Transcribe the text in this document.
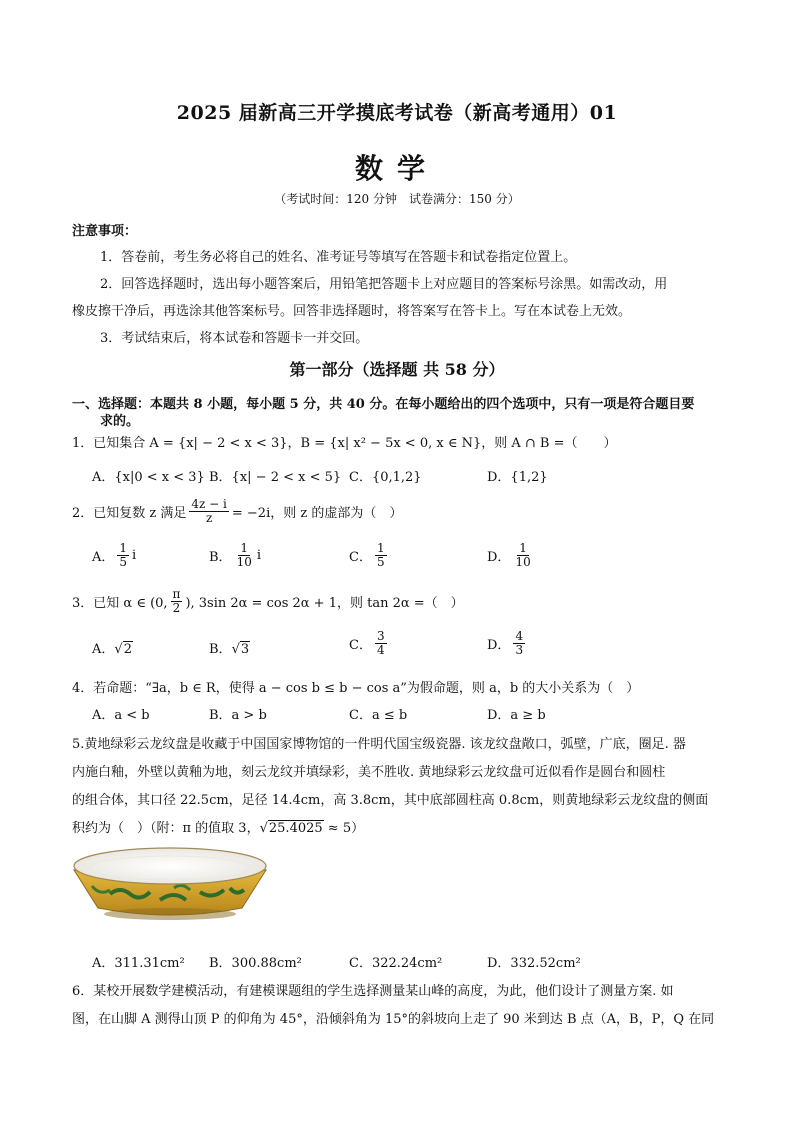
2025 届新高三开学摸底考试卷（新高考通用）01
数学
（考试时间：120 分钟　试卷满分：150 分）
注意事项：
1．答卷前，考生务必将自己的姓名、准考证号等填写在答题卡和试卷指定位置上。
2．回答选择题时，选出每小题答案后，用铅笔把答题卡上对应题目的答案标号涂黑。如需改动，用
橡皮擦干净后，再选涂其他答案标号。回答非选择题时，将答案写在答卡上。写在本试卷上无效。
3．考试结束后，将本试卷和答题卡一并交回。
第一部分（选择题 共 58 分）
一、选择题：本题共 8 小题，每小题 5 分，共 40 分。在每小题给出的四个选项中，只有一项是符合题目要
求的。
1．已知集合 A = {x| − 2 < x < 3}，B = {x| x² − 5x < 0, x ∈ N}，则 A ∩ B =（　　）
A．{x|0 < x < 3} B．{x| − 2 < x < 5} C．{0,1,2}	D．{1,2}
2．已知复数 z 满足 $\frac{4z - i}{z} = -2i$，则 z 的虚部为（　）
A． $\frac{1}{5}$ i	B． $\frac{1}{10}$ i	C． $\frac{1}{5}$	D． $\frac{1}{10}$
3．已知 α ∈ (0, $\frac{\pi}{2}$ ), 3sin 2α = cos 2α + 1，则 tan 2α =（　）
A．√2	B．√3	C． $\frac{3}{4}$	D． $\frac{4}{3}$
4．若命题：“∃a，b ∈ R，使得 a − cos b ≤ b − cos a”为假命题，则 a，b 的大小关系为（　）
A．a < b	B．a > b	C．a ≤ b	D．a ≥ b
5.黄地绿彩云龙纹盘是收藏于中国国家博物馆的一件明代国宝级瓷器. 该龙纹盘敞口，弧壁，广底，圈足. 器
内施白釉，外壁以黄釉为地，刻云龙纹并填绿彩，美不胜收. 黄地绿彩云龙纹盘可近似看作是圆台和圆柱
的组合体，其口径 22.5cm，足径 14.4cm，高 3.8cm，其中底部圆柱高 0.8cm，则黄地绿彩云龙纹盘的侧面
积约为（　）（附：π 的值取 3，√25.4025 ≈ 5）
A．311.31cm² B．300.88cm²	C．322.24cm²	D．332.52cm²
6．某校开展数学建模活动，有建模课题组的学生选择测量某山峰的高度，为此，他们设计了测量方案. 如
图，在山脚 A 测得山顶 P 的仰角为 45°，沿倾斜角为 15°的斜坡向上走了 90 米到达 B 点（A，B，P，Q 在同
